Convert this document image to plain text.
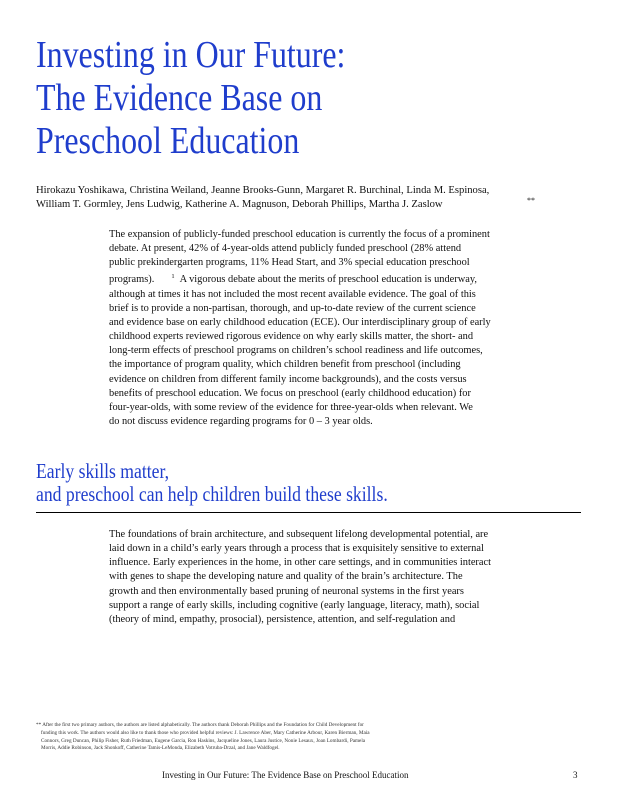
Investing in Our Future:
The Evidence Base on
Preschool Education
Hirokazu Yoshikawa, Christina Weiland, Jeanne Brooks-Gunn, Margaret R. Burchinal, Linda M. Espinosa,
William T. Gormley, Jens Ludwig, Katherine A. Magnuson, Deborah Phillips, Martha J. Zaslow	**
The expansion of publicly-funded preschool education is currently the focus of a prominent
debate. At present, 42% of 4-year-olds attend publicly funded preschool (28% attend
public prekindergarten programs, 11% Head Start, and 3% special education preschool
programs).	$^1$ A vigorous debate about the merits of preschool education is underway,
although at times it has not included the most recent available evidence. The goal of this
brief is to provide a non-partisan, thorough, and up-to-date review of the current science
and evidence base on early childhood education (ECE). Our interdisciplinary group of early
childhood experts reviewed rigorous evidence on why early skills matter, the short- and
long-term effects of preschool programs on children’s school readiness and life outcomes,
the importance of program quality, which children benefit from preschool (including
evidence on children from different family income backgrounds), and the costs versus
benefits of preschool education. We focus on preschool (early childhood education) for
four-year-olds, with some review of the evidence for three-year-olds when relevant. We
do not discuss evidence regarding programs for 0 – 3 year olds.
Early skills matter,
and preschool can help children build these skills.
The foundations of brain architecture, and subsequent lifelong developmental potential, are
laid down in a child’s early years through a process that is exquisitely sensitive to external
influence. Early experiences in the home, in other care settings, and in communities interact
with genes to shape the developing nature and quality of the brain’s architecture. The
growth and then environmentally based pruning of neuronal systems in the first years
support a range of early skills, including cognitive (early language, literacy, math), social
(theory of mind, empathy, prosocial), persistence, attention, and self-regulation and
** After the first two primary authors, the authors are listed alphabetically. The authors thank Deborah Phillips and the Foundation for Child Development for
funding this work. The authors would also like to thank those who provided helpful reviews: J. Lawrence Aber, Mary Catherine Arbour, Karen Bierman, Maia
Connors, Greg Duncan, Philip Fisher, Ruth Friedman, Eugene Garcia, Ron Haskins, Jacqueline Jones, Laura Justice, Nonie Lesaux, Joan Lombardi, Pamela
Morris, Addie Robinson, Jack Shonkoff, Catherine Tamis-LeMonda, Elizabeth Votruba-Drzal, and Jane Waldfogel.
Investing in Our Future: The Evidence Base on Preschool Education	3
